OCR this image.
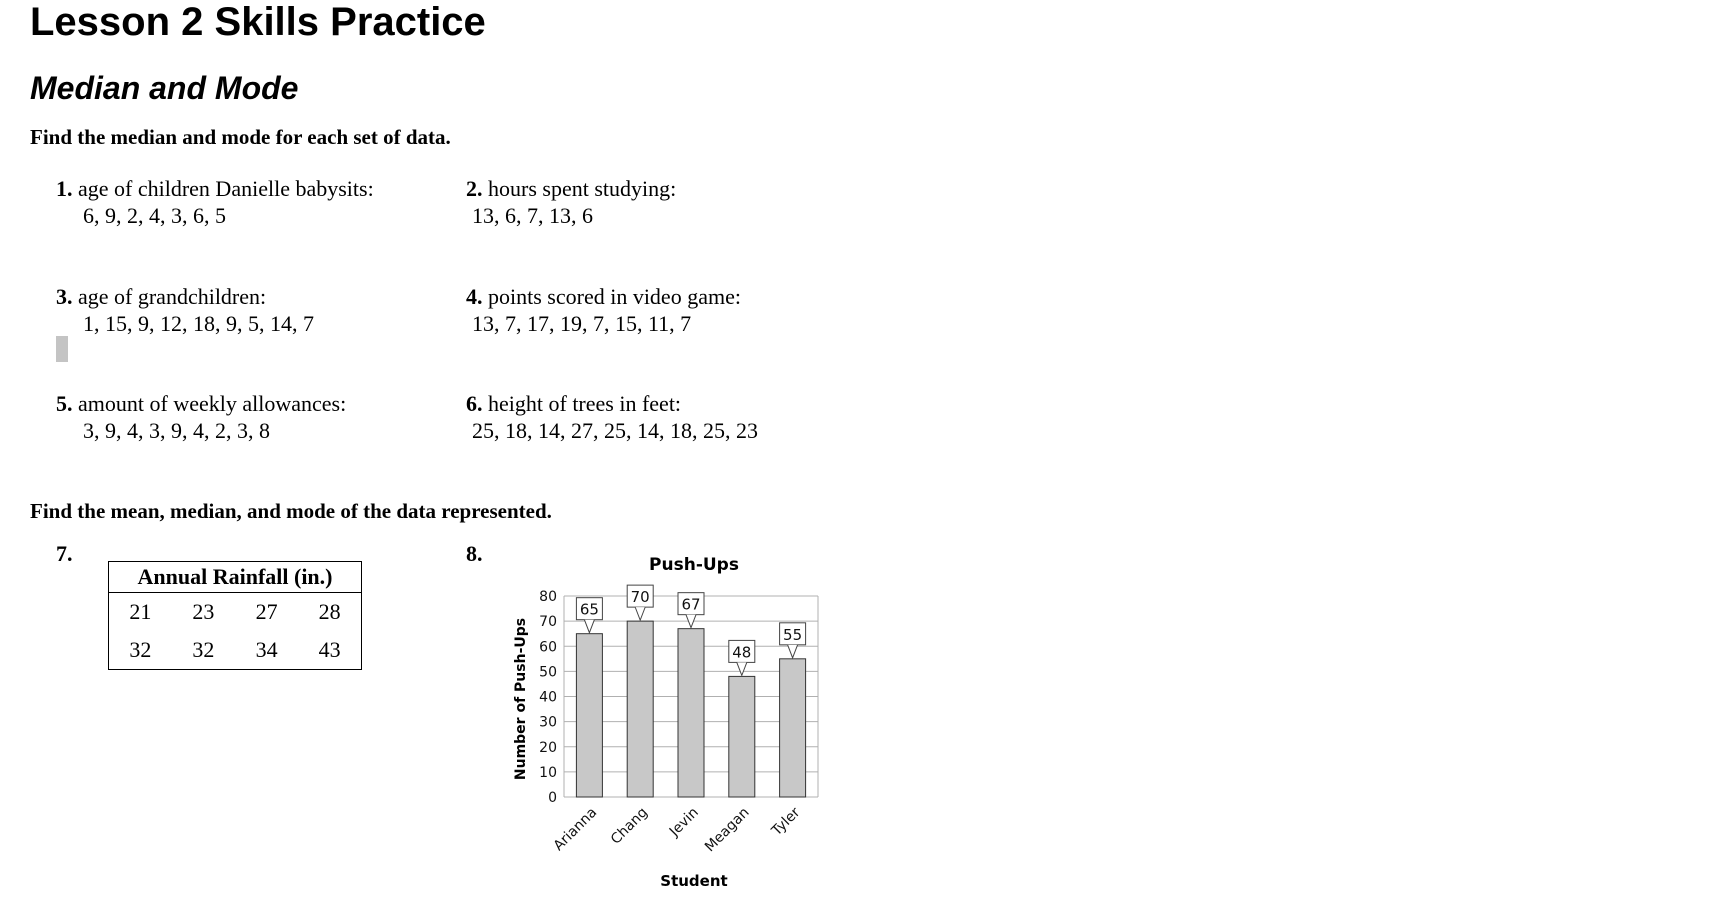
Lesson 2 Skills Practice
Median and Mode
Find the median and mode for each set of data.
1. age of children Danielle babysits:
6, 9, 2, 4, 3, 6, 5
2. hours spent studying:
13, 6, 7, 13, 6
3. age of grandchildren:
1, 15, 9, 12, 18, 9, 5, 14, 7
4. points scored in video game:
13, 7, 17, 19, 7, 15, 11, 7
5. amount of weekly allowances:
3, 9, 4, 3, 9, 4, 2, 3, 8
6. height of trees in feet:
25, 18, 14, 27, 25, 14, 18, 25, 23
Find the mean, median, and mode of the data represented.
7.
Annual Rainfall (in.)			
21	23	27	28
32	32	34	43
8.	Push-Ups
Number of Push-Ups
Student
0
10
20
30
40
50
60
70
80
65
70 67
48
55
Arianna Chang Jevin Meagan Tyler
